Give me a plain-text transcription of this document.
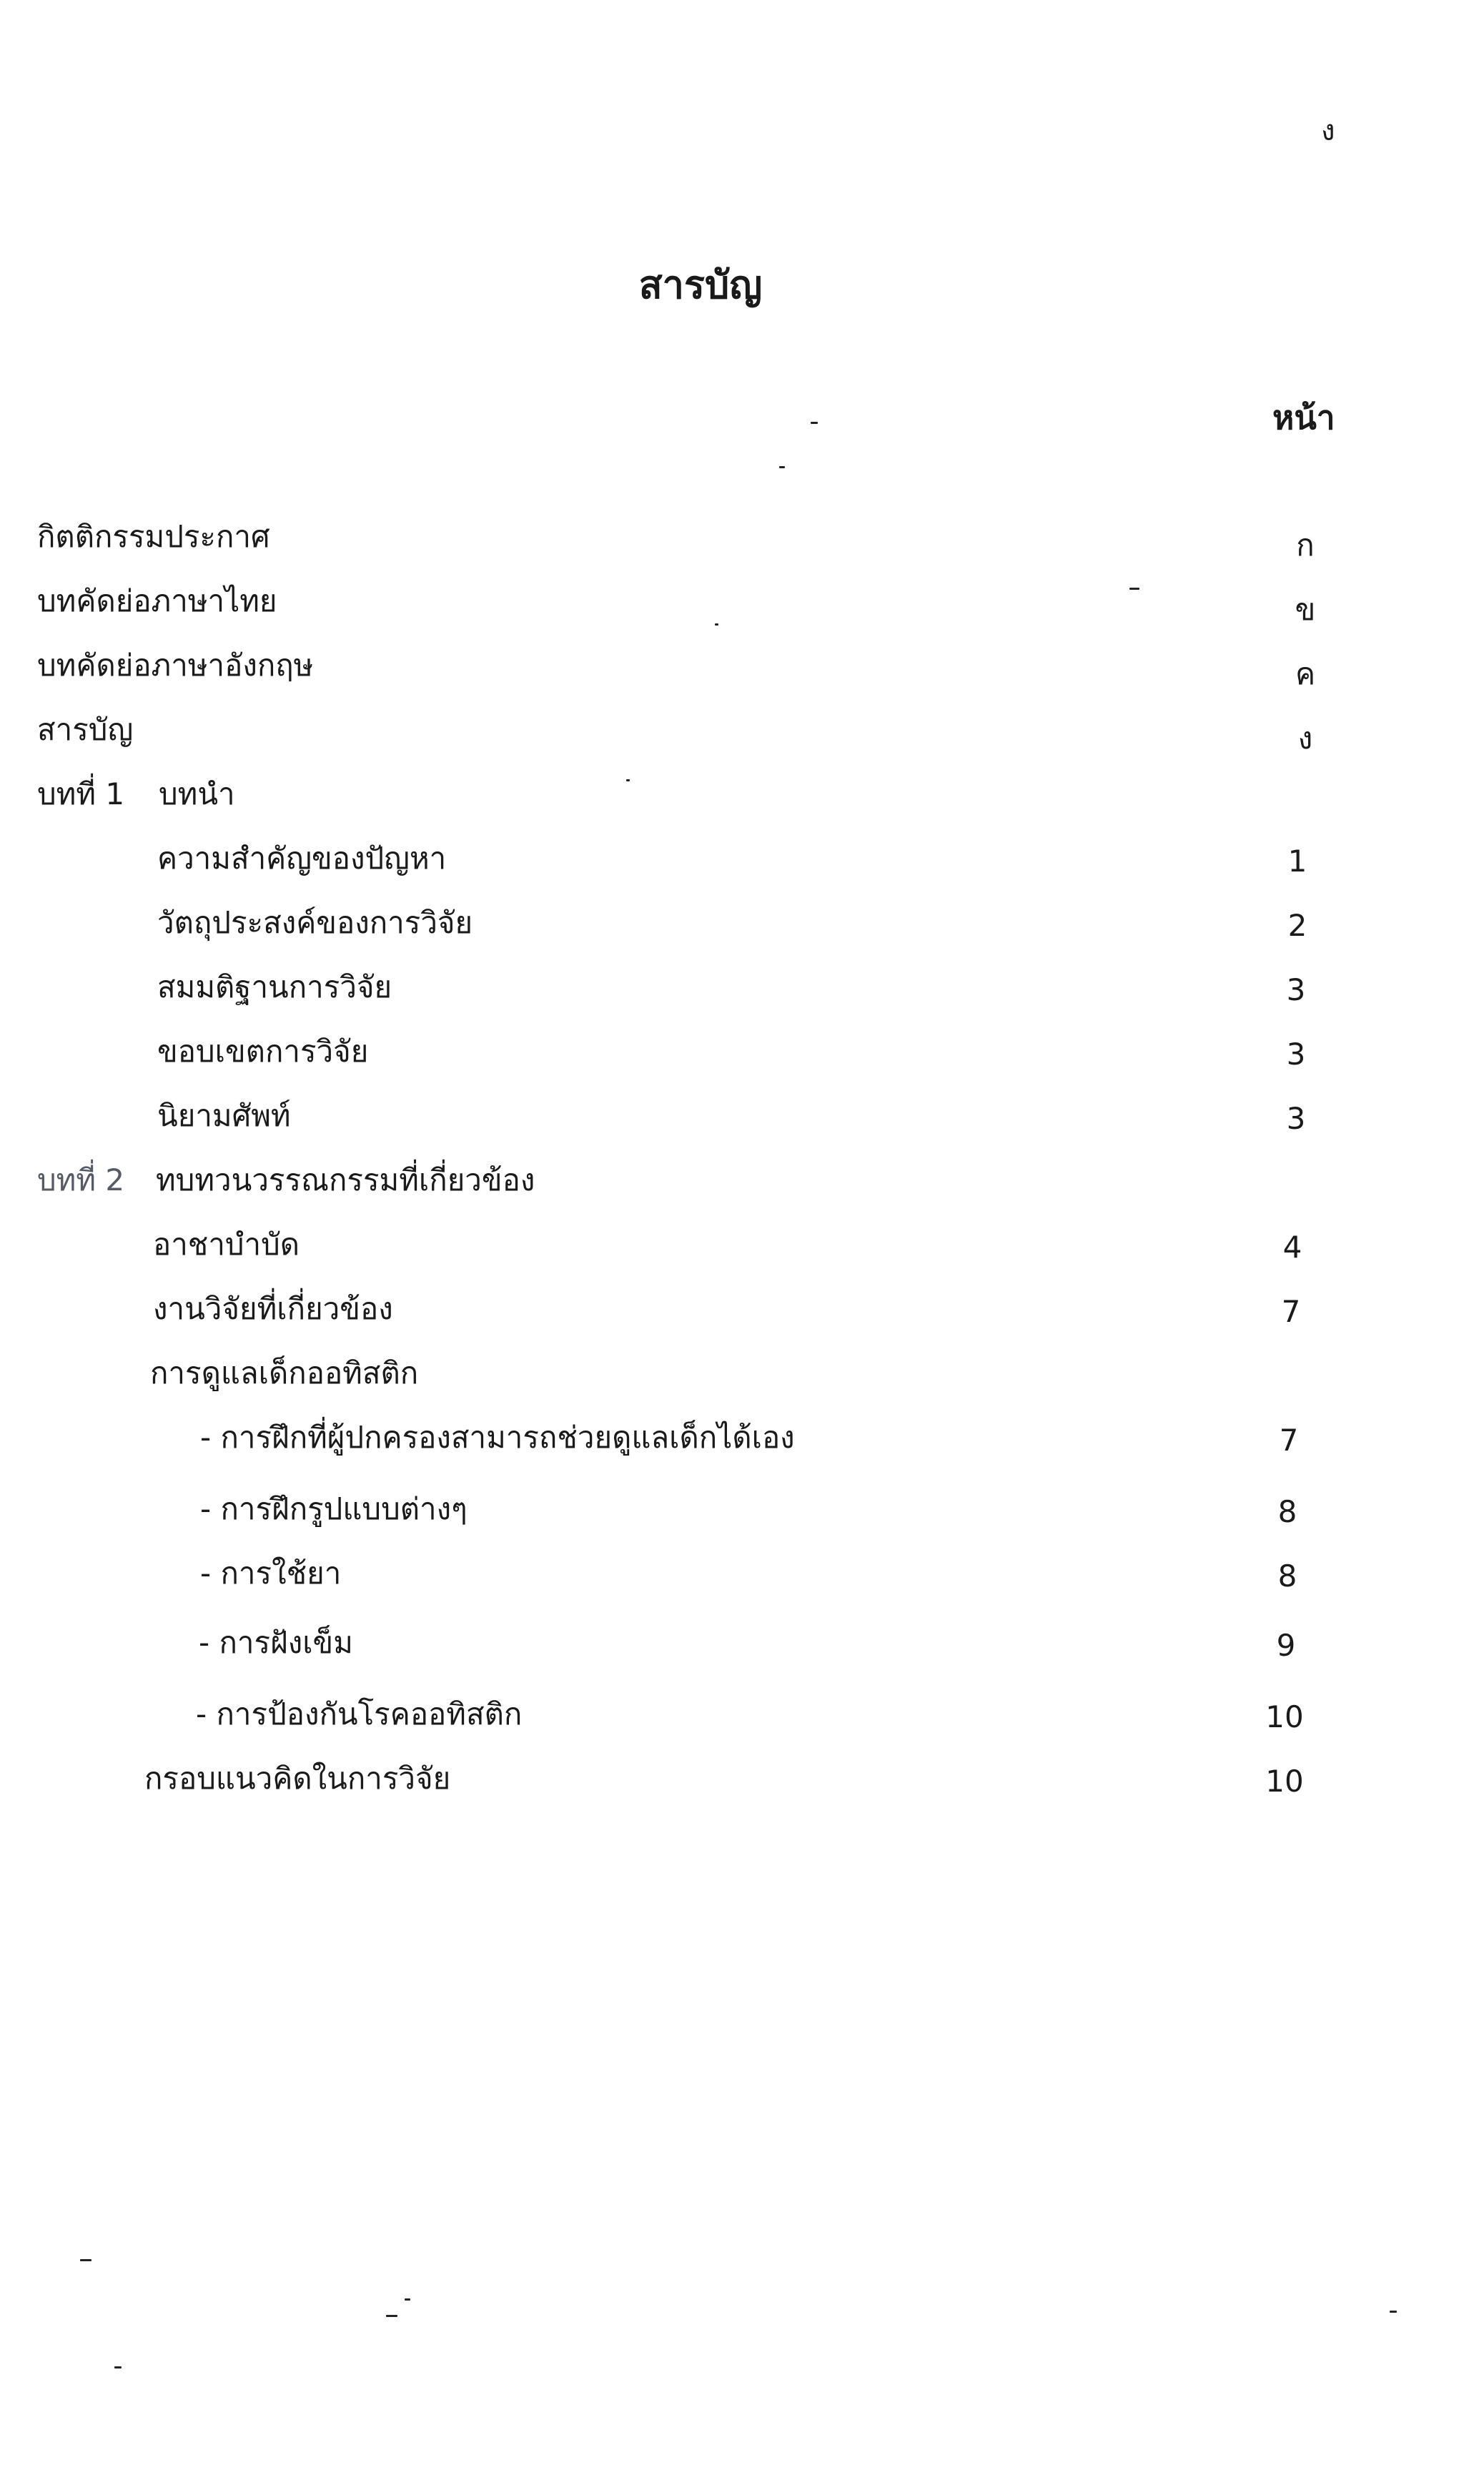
ง
สารบัญ
หน้า
กิตติกรรมประกาศ	ก
บทคัดย่อภาษาไทย	ข
บทคัดย่อภาษาอังกฤษ	ค
สารบัญ	ง
บทที่ 1 บทนำ
ความสำคัญของปัญหา	1
วัตถุประสงค์ของการวิจัย	2
สมมติฐานการวิจัย	3
ขอบเขตการวิจัย	3
นิยามศัพท์	3
บทที่ 2 ทบทวนวรรณกรรมที่เกี่ยวข้อง
อาชาบำบัด	4
งานวิจัยที่เกี่ยวข้อง	7
การดูแลเด็กออทิสติก
- การฝึกที่ผู้ปกครองสามารถช่วยดูแลเด็กได้เอง	7
- การฝึกรูปแบบต่างๆ	8
- การใช้ยา	8
- การฝังเข็ม	9
- การป้องกันโรคออทิสติก	10
กรอบแนวคิดในการวิจัย	10
